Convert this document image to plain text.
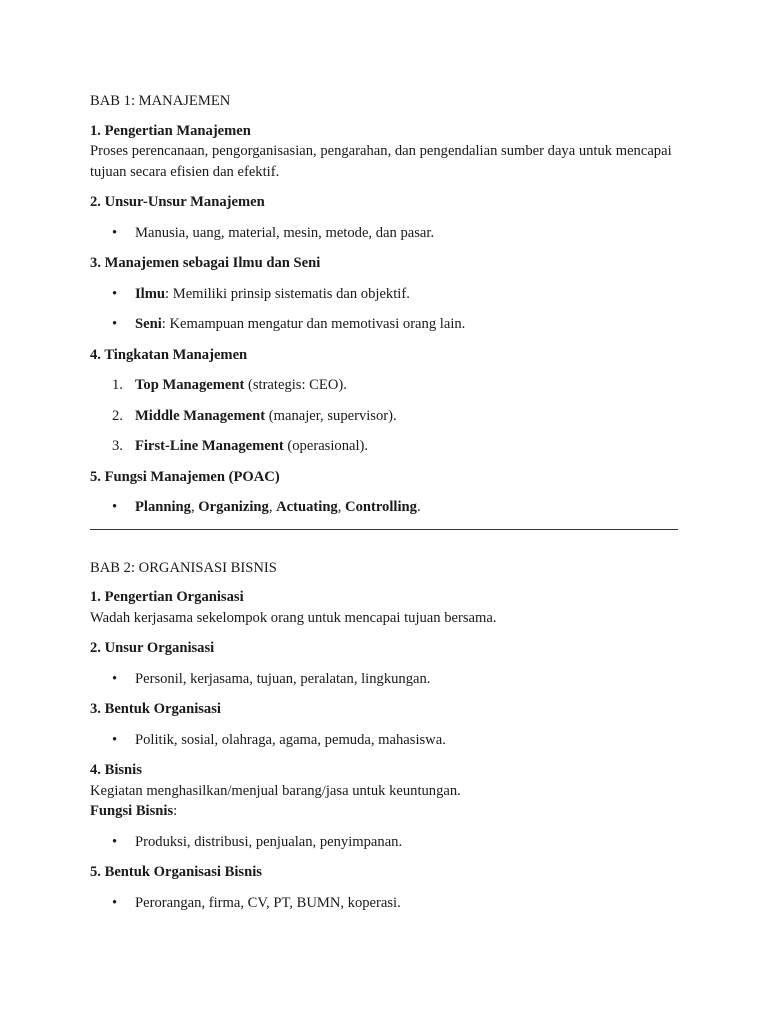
BAB 1: MANAJEMEN

1. Pengertian Manajemen

Proses perencanaan, pengorganisasian, pengarahan, dan pengendalian sumber daya untuk mencapai tujuan secara efisien dan efektif.

2. Unsur-Unsur Manajemen

• Manusia, uang, material, mesin, metode, dan pasar.

3. Manajemen sebagai Ilmu dan Seni

• Ilmu: Memiliki prinsip sistematis dan objektif.
• Seni: Kemampuan mengatur dan memotivasi orang lain.

4. Tingkatan Manajemen

1. Top Management (strategis: CEO).
2. Middle Management (manajer, supervisor).
3. First-Line Management (operasional).

5. Fungsi Manajemen (POAC)

• Planning, Organizing, Actuating, Controlling.

BAB 2: ORGANISASI BISNIS

1. Pengertian Organisasi

Wadah kerjasama sekelompok orang untuk mencapai tujuan bersama.

2. Unsur Organisasi

• Personil, kerjasama, tujuan, peralatan, lingkungan.

3. Bentuk Organisasi

• Politik, sosial, olahraga, agama, pemuda, mahasiswa.

4. Bisnis

Kegiatan menghasilkan/menjual barang/jasa untuk keuntungan.

Fungsi Bisnis:

• Produksi, distribusi, penjualan, penyimpanan.

5. Bentuk Organisasi Bisnis

• Perorangan, firma, CV, PT, BUMN, koperasi.
